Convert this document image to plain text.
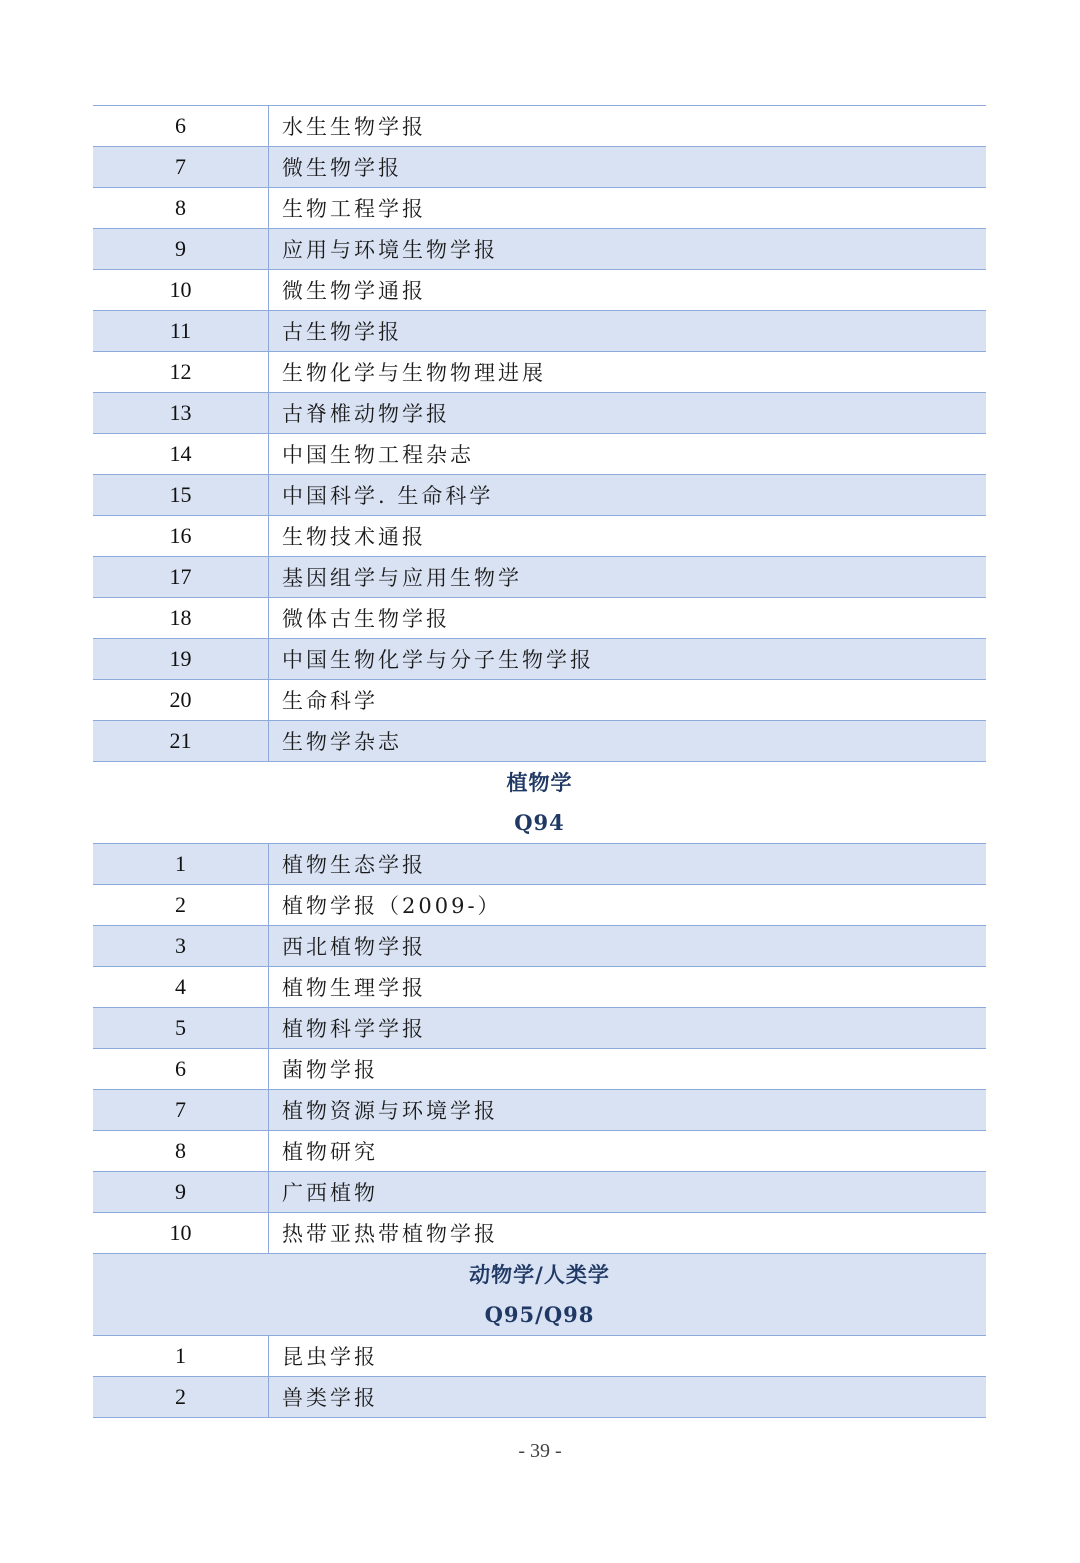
6	水生生物学报
7	微生物学报
8	生物工程学报
9	应用与环境生物学报
10	微生物学通报
11	古生物学报
12	生物化学与生物物理进展
13	古脊椎动物学报
14	中国生物工程杂志
15	中国科学. 生命科学
16	生物技术通报
17	基因组学与应用生物学
18	微体古生物学报
19	中国生物化学与分子生物学报
20	生命科学
21	生物学杂志
植物学
Q94
1	植物生态学报
2	植物学报（2009-）
3	西北植物学报
4	植物生理学报
5	植物科学学报
6	菌物学报
7	植物资源与环境学报
8	植物研究
9	广西植物
10	热带亚热带植物学报
动物学/人类学
Q95/Q98
1	昆虫学报
2	兽类学报
- 39 -
